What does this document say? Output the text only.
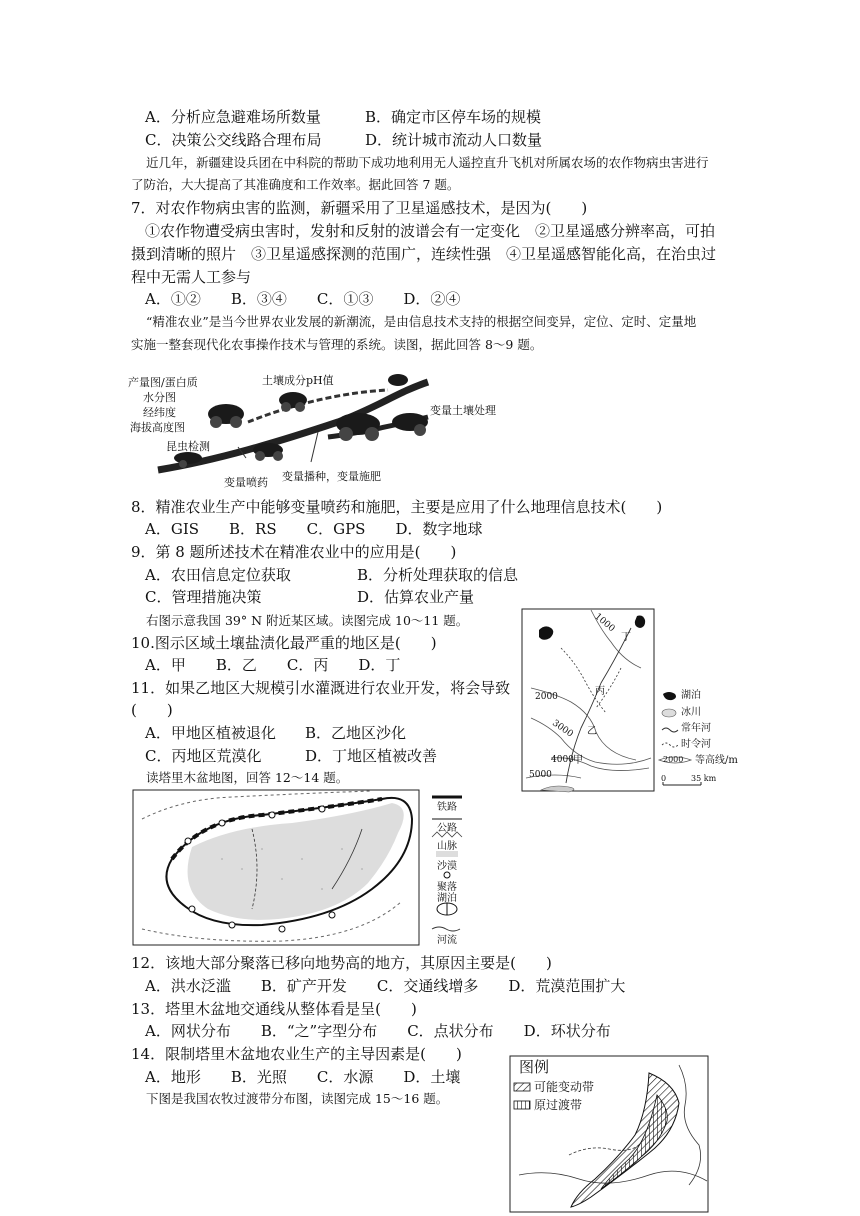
A．分析应急避难场所数量	B．确定市区停车场的规模
C．决策公交线路合理布局	D．统计城市流动人口数量
近几年，新疆建设兵团在中科院的帮助下成功地利用无人遥控直升飞机对所属农场的农作物病虫害进行
了防治，大大提高了其准确度和工作效率。据此回答 7 题。
7．对农作物病虫害的监测，新疆采用了卫星遥感技术，是因为(　　)
①农作物遭受病虫害时，发射和反射的波谱会有一定变化　②卫星遥感分辨率高，可拍
摄到清晰的照片　③卫星遥感探测的范围广，连续性强　④卫星遥感智能化高，在治虫过
程中无需人工参与
A．①②　　B．③④　　C．①③　　D．②④
“精准农业”是当今世界农业发展的新潮流，是由信息技术支持的根据空间变异，定位、定时、定量地
实施一整套现代化农事操作技术与管理的系统。读图，据此回答 8～9 题。
产量图/蛋白质
水分图
经纬度
海拔高度图
土壤成分pH值
变量土壤处理
昆虫检测
变量喷药 变量播种，变量施肥
8．精准农业生产中能够变量喷药和施肥，主要是应用了什么地理信息技术(　　)
A．GIS　　B．RS　　C．GPS　　D．数字地球
9．第 8 题所述技术在精准农业中的应用是(　　)
A．农田信息定位获取	B．分析处理获取的信息
C．管理措施决策	D．估算农业产量
右图示意我国 39° N 附近某区域。读图完成 10～11 题。
10.图示区域土壤盐渍化最严重的地区是(　　)
A．甲　　B．乙　　C．丙　　D．丁
11．如果乙地区大规模引水灌溉进行农业开发，将会导致
(　　)
A．甲地区植被退化 B．乙地区沙化
C．丙地区荒漠化	D．丁地区植被改善
1000
2000
3000
4000
5000
甲
乙
丙
丁
湖泊
冰川
常年河
时令河
2000 等高线/m
0	35 km
读塔里木盆地图，回答 12～14 题。
铁路
公路
山脉
沙漠
聚落
湖泊
河流
12．该地大部分聚落已移向地势高的地方，其原因主要是(　　)
A．洪水泛滥　　B．矿产开发　　C．交通线增多　　D．荒漠范围扩大
13．塔里木盆地交通线从整体看是呈(　　)
A．网状分布　　B．“之”字型分布　　C．点状分布　　D．环状分布
14．限制塔里木盆地农业生产的主导因素是(　　)
A．地形　　B．光照　　C．水源　　D．土壤
下图是我国农牧过渡带分布图，读图完成 15～16 题。
图例
可能变动带
原过渡带
